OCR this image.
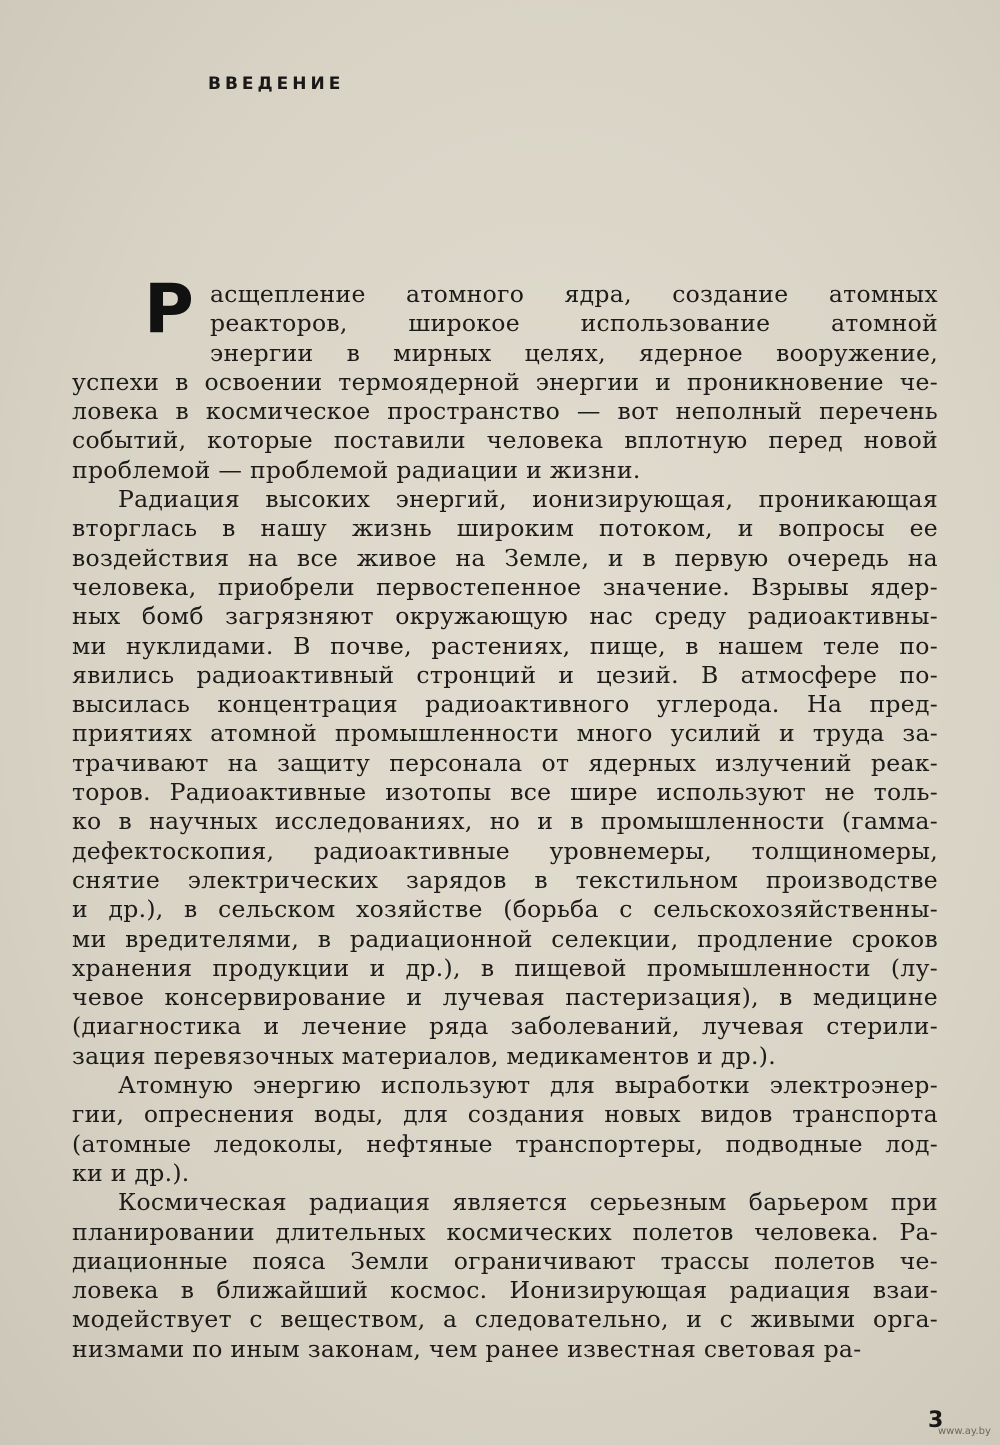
ВВЕДЕНИЕ
Р асщепление атомного ядра, создание атомных
реакторов, широкое использование атомной
энергии в мирных целях, ядерное вооружение,
успехи в освоении термоядерной энергии и проникновение че-
ловека в космическое пространство — вот неполный перечень
событий, которые поставили человека вплотную перед новой
проблемой — проблемой радиации и жизни.
Радиация высоких энергий, ионизирующая, проникающая
вторглась в нашу жизнь широким потоком, и вопросы ее
воздействия на все живое на Земле, и в первую очередь на
человека, приобрели первостепенное значение. Взрывы ядер-
ных бомб загрязняют окружающую нас среду радиоактивны-
ми нуклидами. В почве, растениях, пище, в нашем теле по-
явились радиоактивный стронций и цезий. В атмосфере по-
высилась концентрация радиоактивного углерода. На пред-
приятиях атомной промышленности много усилий и труда за-
трачивают на защиту персонала от ядерных излучений реак-
торов. Радиоактивные изотопы все шире используют не толь-
ко в научных исследованиях, но и в промышленности (гамма-
дефектоскопия, радиоактивные уровнемеры, толщиномеры,
снятие электрических зарядов в текстильном производстве
и др.), в сельском хозяйстве (борьба с сельскохозяйственны-
ми вредителями, в радиационной селекции, продление сроков
хранения продукции и др.), в пищевой промышленности (лу-
чевое консервирование и лучевая пастеризация), в медицине
(диагностика и лечение ряда заболеваний, лучевая стерили-
зация перевязочных материалов, медикаментов и др.).
Атомную энергию используют для выработки электроэнер-
гии, опреснения воды, для создания новых видов транспорта
(атомные ледоколы, нефтяные транспортеры, подводные лод-
ки и др.).
Космическая радиация является серьезным барьером при
планировании длительных космических полетов человека. Ра-
диационные пояса Земли ограничивают трассы полетов че-
ловека в ближайший космос. Ионизирующая радиация взаи-
модействует с веществом, а следовательно, и с живыми орга-
низмами по иным законам, чем ранее известная световая ра-
3
www.ay.by
